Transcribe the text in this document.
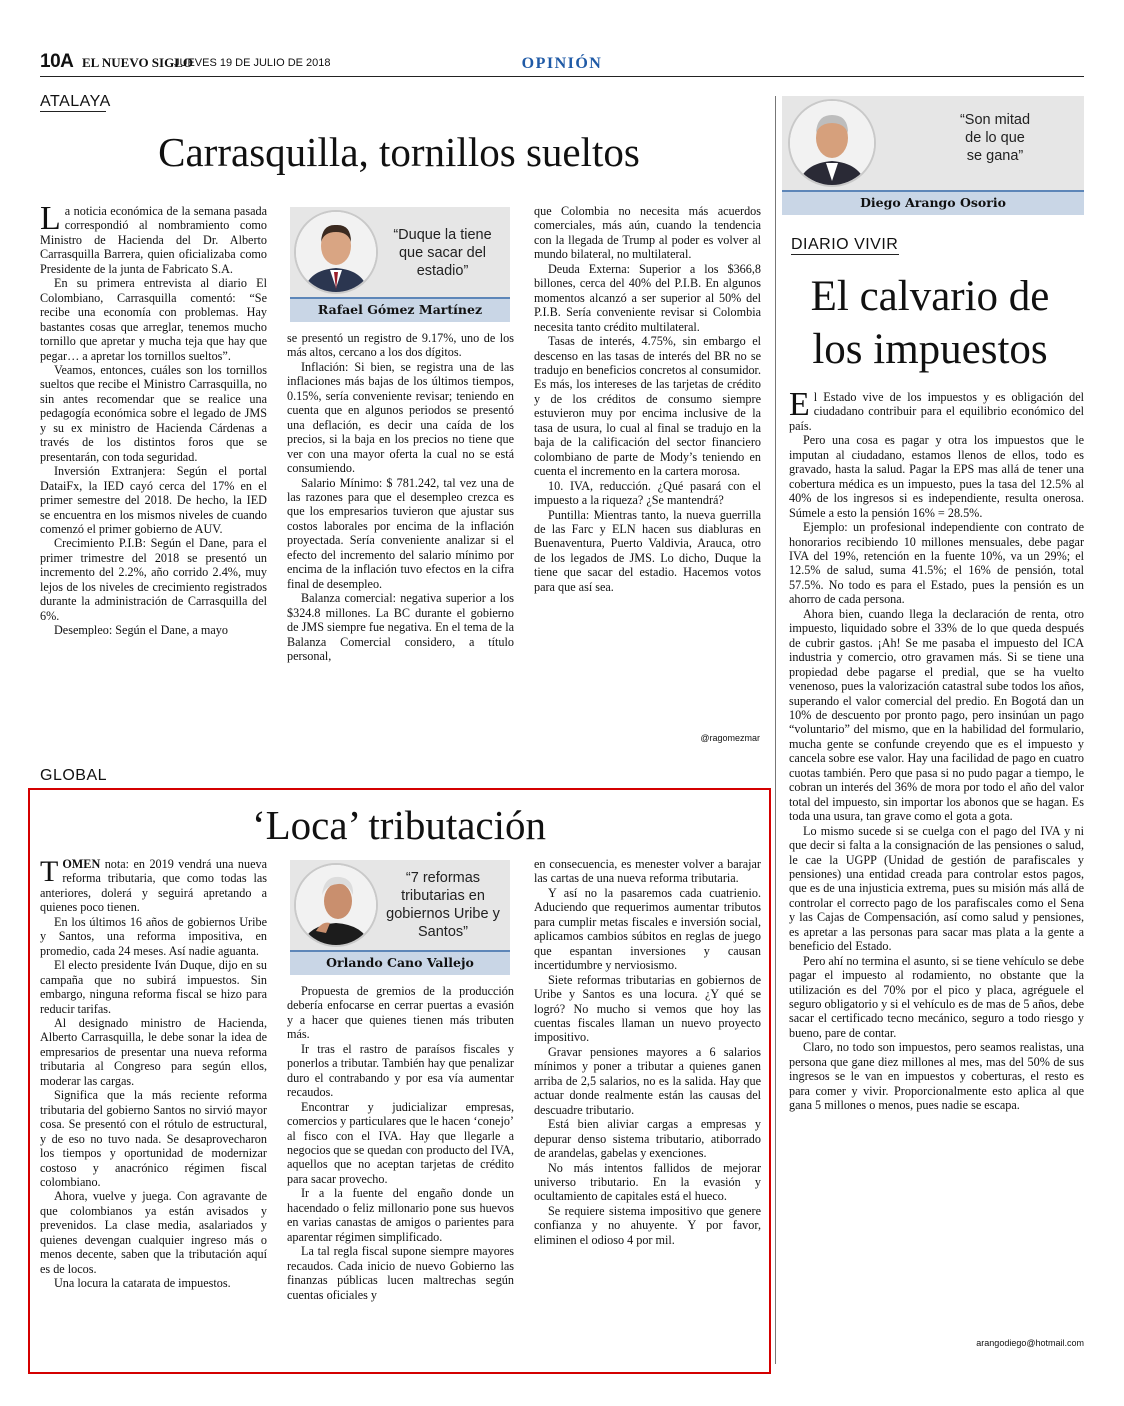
10A EL NUEVO SIGLO
JUEVES 19 DE JULIO DE 2018	OPINIÓN
ATALAYA
Carrasquilla, tornillos sueltos

La noticia económica de la semana pasada correspondió al nombramiento como Ministro de Hacienda del Dr. Alberto Carrasquilla Barrera, quien oficializaba como Presidente de la junta de Fabricato S.A.

En su primera entrevista al diario El Colombiano, Carrasquilla comentó: “Se recibe una economía con problemas. Hay bastantes cosas que arreglar, tenemos mucho tornillo que apretar y mucha teja que hay que pegar… a apretar los tornillos sueltos”.

Veamos, entonces, cuáles son los tornillos sueltos que recibe el Ministro Carrasquilla, no sin antes recomendar que se realice una pedagogía económica sobre el legado de JMS y su ex ministro de Hacienda Cárdenas a través de los distintos foros que se presentarán, con toda seguridad.

Inversión Extranjera: Según el portal DataiFx, la IED cayó cerca del 17% en el primer semestre del 2018. De hecho, la IED se encuentra en los mismos niveles de cuando comenzó el primer gobierno de AUV.

Crecimiento P.I.B: Según el Dane, para el primer trimestre del 2018 se presentó un incremento del 2.2%, año corrido 2.4%, muy lejos de los niveles de crecimiento registrados durante la administración de Carrasquilla del 6%.

Desempleo: Según el Dane, a mayo

“Duque la tiene
que sacar del
estadio”
Rafael Gómez Martínez

se presentó un registro de 9.17%, uno de los más altos, cercano a los dos dígitos.

Inflación: Si bien, se registra una de las inflaciones más bajas de los últimos tiempos, 0.15%, sería conveniente revisar; teniendo en cuenta que en algunos periodos se presentó una deflación, es decir una caída de los precios, si la baja en los precios no tiene que ver con una mayor oferta la cual no se está consumiendo.

Salario Mínimo: $ 781.242, tal vez una de las razones para que el desempleo crezca es que los empresarios tuvieron que ajustar sus costos laborales por encima de la inflación proyectada. Sería conveniente analizar si el efecto del incremento del salario mínimo por encima de la inflación tuvo efectos en la cifra final de desempleo.

Balanza comercial: negativa superior a los $324.8 millones. La BC durante el gobierno de JMS siempre fue negativa. En el tema de la Balanza Comercial considero, a título personal,

que Colombia no necesita más acuerdos comerciales, más aún, cuando la tendencia con la llegada de Trump al poder es volver al mundo bilateral, no multilateral.

Deuda Externa: Superior a los $366,8 billones, cerca del 40% del P.I.B. En algunos momentos alcanzó a ser superior al 50% del P.I.B. Sería conveniente revisar si Colombia necesita tanto crédito multilateral.

Tasas de interés, 4.75%, sin embargo el descenso en las tasas de interés del BR no se tradujo en beneficios concretos al consumidor. Es más, los intereses de las tarjetas de crédito y de los créditos de consumo siempre estuvieron muy por encima inclusive de la tasa de usura, lo cual al final se tradujo en la baja de la calificación del sector financiero colombiano de parte de Mody’s teniendo en cuenta el incremento en la cartera morosa.

10. IVA, reducción. ¿Qué pasará con el impuesto a la riqueza? ¿Se mantendrá?

Puntilla: Mientras tanto, la nueva guerrilla de las Farc y ELN hacen sus diabluras en Buenaventura, Puerto Valdivia, Arauca, otro de los legados de JMS. Lo dicho, Duque la tiene que sacar del estadio. Hacemos votos para que así sea.

@ragomezmar
GLOBAL
‘Loca’ tributación

TOMEN nota: en 2019 vendrá una nueva reforma tributaria, que como todas las anteriores, dolerá y seguirá apretando a quienes poco tienen.

En los últimos 16 años de gobiernos Uribe y Santos, una reforma impositiva, en promedio, cada 24 meses. Así nadie aguanta.

El electo presidente Iván Duque, dijo en su campaña que no subirá impuestos. Sin embargo, ninguna reforma fiscal se hizo para reducir tarifas.

Al designado ministro de Hacienda, Alberto Carrasquilla, le debe sonar la idea de empresarios de presentar una nueva reforma tributaria al Congreso para según ellos, moderar las cargas.

Significa que la más reciente reforma tributaria del gobierno Santos no sirvió mayor cosa. Se presentó con el rótulo de estructural, y de eso no tuvo nada. Se desaprovecharon los tiempos y oportunidad de modernizar costoso y anacrónico régimen fiscal colombiano.

Ahora, vuelve y juega. Con agravante de que colombianos ya están avisados y prevenidos. La clase media, asalariados y quienes devengan cualquier ingreso más o menos decente, saben que la tributación aquí es de locos.

Una locura la catarata de impuestos.

“7 reformas
tributarias en
gobiernos Uribe y
Santos”
Orlando Cano Vallejo

Propuesta de gremios de la producción debería enfocarse en cerrar puertas a evasión y a hacer que quienes tienen más tributen más.

Ir tras el rastro de paraísos fiscales y ponerlos a tributar. También hay que penalizar duro el contrabando y por esa vía aumentar recaudos.

Encontrar y judicializar empresas, comercios y particulares que le hacen ‘conejo’ al fisco con el IVA. Hay que llegarle a negocios que se quedan con producto del IVA, aquellos que no aceptan tarjetas de crédito para sacar provecho.

Ir a la fuente del engaño donde un hacendado o feliz millonario pone sus huevos en varias canastas de amigos o parientes para aparentar régimen simplificado.

La tal regla fiscal supone siempre mayores recaudos. Cada inicio de nuevo Gobierno las finanzas públicas lucen maltrechas según cuentas oficiales y

en consecuencia, es menester volver a barajar las cartas de una nueva reforma tributaria.

Y así no la pasaremos cada cuatrienio. Aduciendo que requerimos aumentar tributos para cumplir metas fiscales e inversión social, aplicamos cambios súbitos en reglas de juego que espantan inversiones y causan incertidumbre y nerviosismo.

Siete reformas tributarias en gobiernos de Uribe y Santos es una locura. ¿Y qué se logró? No mucho si vemos que hoy las cuentas fiscales llaman un nuevo proyecto impositivo.

Gravar pensiones mayores a 6 salarios mínimos y poner a tributar a quienes ganen arriba de 2,5 salarios, no es la salida. Hay que actuar donde realmente están las causas del descuadre tributario.

Está bien aliviar cargas a empresas y depurar denso sistema tributario, atiborrado de arandelas, gabelas y exenciones.

No más intentos fallidos de mejorar universo tributario. En la evasión y ocultamiento de capitales está el hueco.

Se requiere sistema impositivo que genere confianza y no ahuyente. Y por favor, eliminen el odioso 4 por mil.

“Son mitad
de lo que
se gana”
Diego Arango Osorio
DIARIO VIVIR
El calvario de
los impuestos

El Estado vive de los impuestos y es obligación del ciudadano contribuir para el equilibrio económico del país.

Pero una cosa es pagar y otra los impuestos que le imputan al ciudadano, estamos llenos de ellos, todo es gravado, hasta la salud. Pagar la EPS mas allá de tener una cobertura médica es un impuesto, pues la tasa del 12.5% al 40% de los ingresos si es independiente, resulta onerosa. Súmele a esto la pensión 16% = 28.5%.

Ejemplo: un profesional independiente con contrato de honorarios recibiendo 10 millones mensuales, debe pagar IVA del 19%, retención en la fuente 10%, va un 29%; el 12.5% de salud, suma 41.5%; el 16% de pensión, total 57.5%. No todo es para el Estado, pues la pensión es un ahorro de cada persona.

Ahora bien, cuando llega la declaración de renta, otro impuesto, liquidado sobre el 33% de lo que queda después de cubrir gastos. ¡Ah! Se me pasaba el impuesto del ICA industria y comercio, otro gravamen más. Si se tiene una propiedad debe pagarse el predial, que se ha vuelto venenoso, pues la valorización catastral sube todos los años, superando el valor comercial del predio. En Bogotá dan un 10% de descuento por pronto pago, pero insinúan un pago “voluntario” del mismo, que en la habilidad del formulario, mucha gente se confunde creyendo que es el impuesto y cancela sobre ese valor. Hay una facilidad de pago en cuatro cuotas también. Pero que pasa si no pudo pagar a tiempo, le cobran un interés del 36% de mora por todo el año del valor total del impuesto, sin importar los abonos que se hagan. Es toda una usura, tan grave como el gota a gota.

Lo mismo sucede si se cuelga con el pago del IVA y ni que decir si falta a la consignación de las pensiones o salud, le cae la UGPP (Unidad de gestión de parafiscales y pensiones) una entidad creada para controlar estos pagos, que es de una injusticia extrema, pues su misión más allá de controlar el correcto pago de los parafiscales como el Sena y las Cajas de Compensación, así como salud y pensiones, es apretar a las personas para sacar mas plata a la gente a beneficio del Estado.

Pero ahí no termina el asunto, si se tiene vehículo se debe pagar el impuesto al rodamiento, no obstante que la utilización es del 70% por el pico y placa, agréguele el seguro obligatorio y si el vehículo es de mas de 5 años, debe sacar el certificado tecno mecánico, seguro a todo riesgo y bueno, pare de contar.

Claro, no todo son impuestos, pero seamos realistas, una persona que gane diez millones al mes, mas del 50% de sus ingresos se le van en impuestos y coberturas, el resto es para comer y vivir. Proporcionalmente esto aplica al que gana 5 millones o menos, pues nadie se escapa.

arangodiego@hotmail.com
